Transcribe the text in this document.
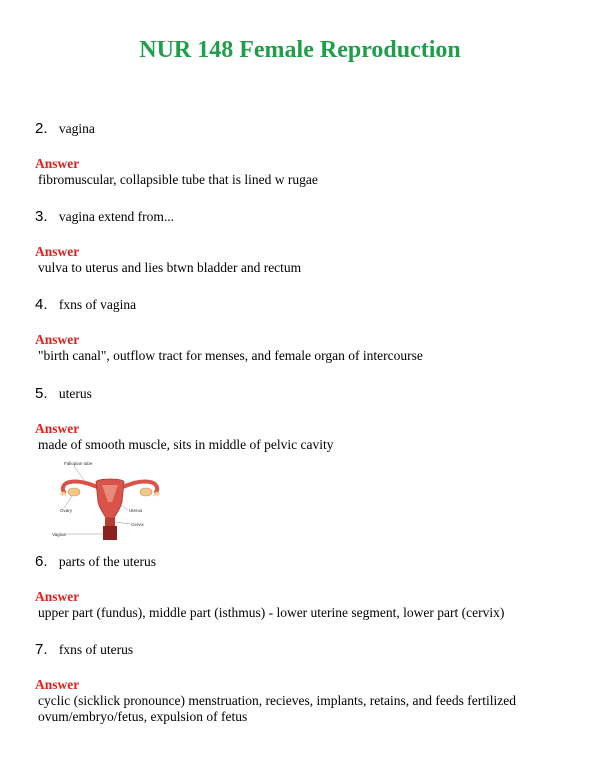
NUR 148 Female Reproduction
2. vagina
Answer
fibromuscular, collapsible tube that is lined w rugae
3. vagina extend from...
Answer
vulva to uterus and lies btwn bladder and rectum
4. fxns of vagina
Answer
"birth canal", outflow tract for menses, and female organ of intercourse
5. uterus
Answer
made of smooth muscle, sits in middle of pelvic cavity
Fallopian tube
Ovary	Uterus
Cervix
Vagina
6. parts of the uterus
Answer
upper part (fundus), middle part (isthmus) - lower uterine segment, lower part (cervix)
7. fxns of uterus
Answer
cyclic (sicklick pronounce) menstruation, recieves, implants, retains, and feeds fertilized ovum/embryo/fetus, expulsion of fetus
